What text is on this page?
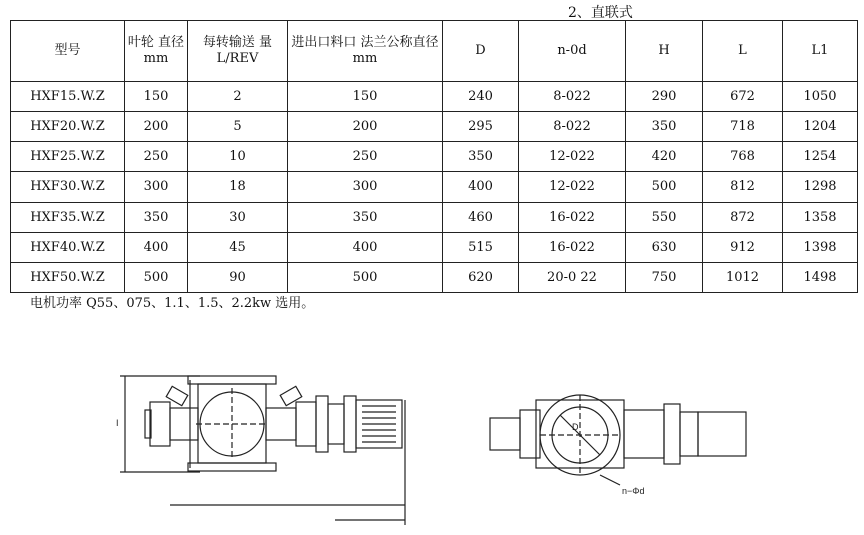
2、直联式
型号	叶轮 直径 mm	每转输送 量 L/REV	进出口料口 法兰公称直径 mm	D	n-0d	H	L	L1
HXF15.W.Z	150	2	150	240	8-022	290	672	1050
HXF20.W.Z	200	5	200	295	8-022	350	718	1204
HXF25.W.Z	250	10	250	350	12-022	420	768	1254
HXF30.W.Z	300	18	300	400	12-022	500	812	1298
HXF35.W.Z	350	30	350	460	16-022	550	872	1358
HXF40.W.Z	400	45	400	515	16-022	630	912	1398
HXF50.W.Z	500	90	500	620	20-0 22	750	1012	1498
电机功率 Q55、075、1.1、1.5、2.2kw 选用。
I	D
n−Φd
